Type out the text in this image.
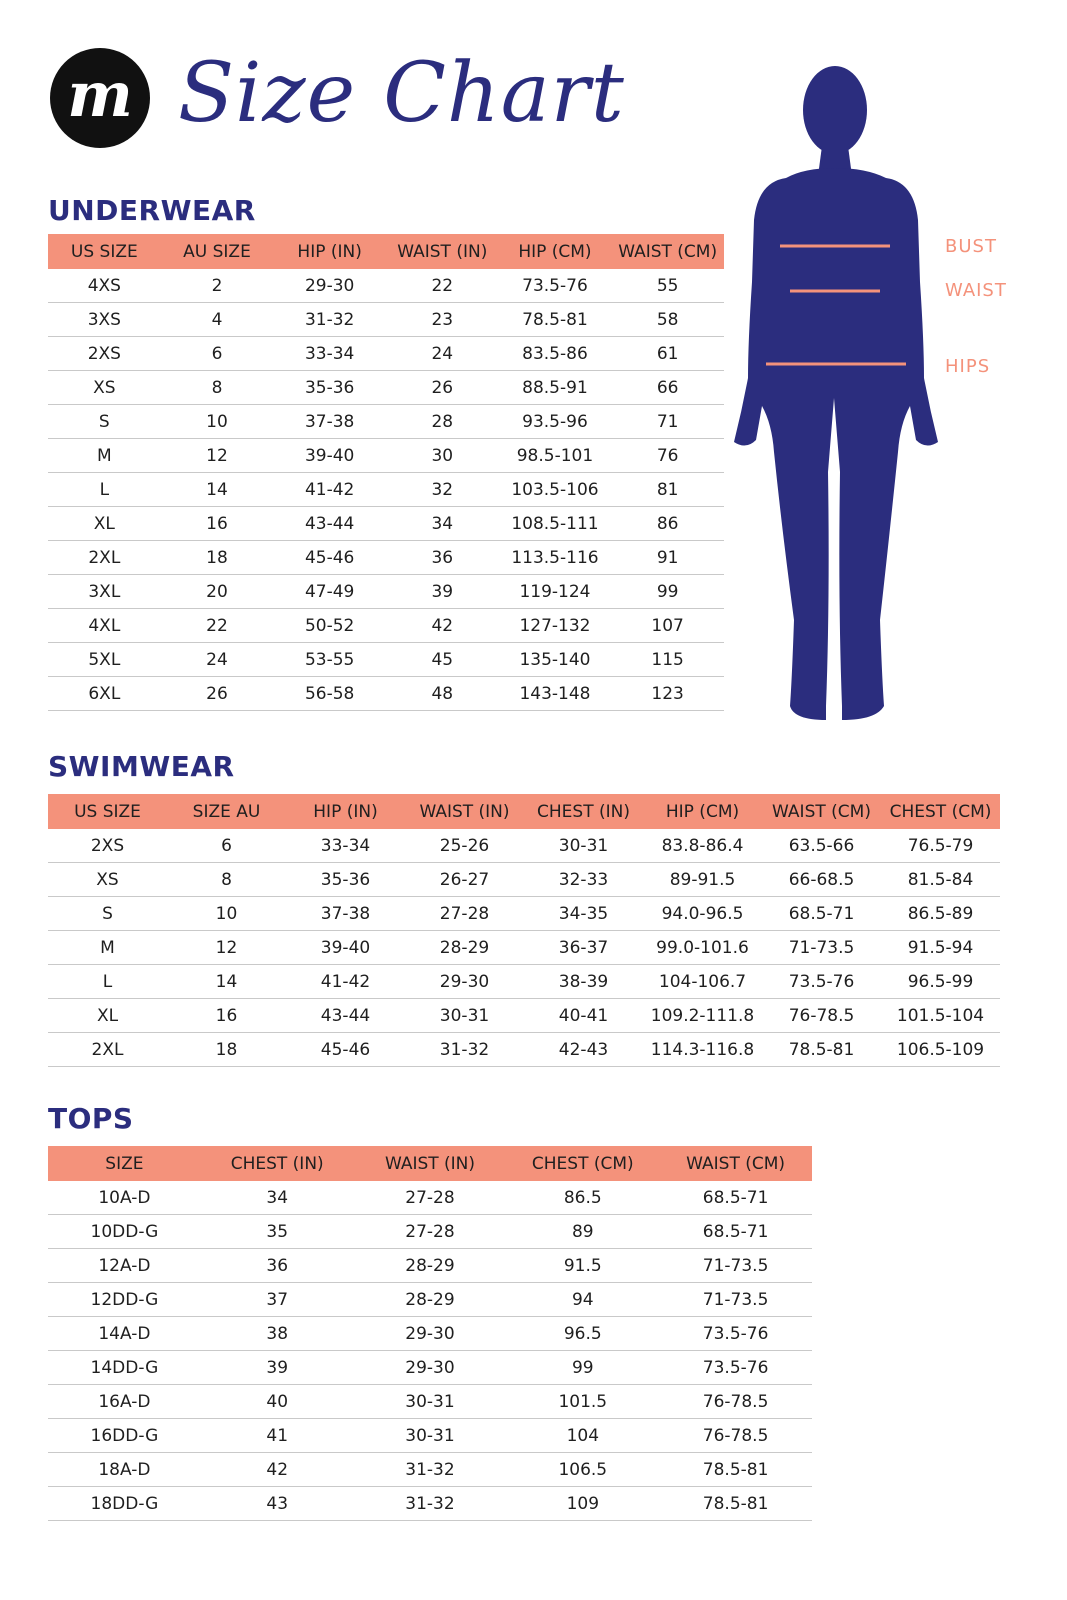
m Size Chart

BUST

WAIST

HIPS

UNDERWEAR
US SIZE	AU SIZE	HIP (IN)	WAIST (IN)	HIP (CM)	WAIST (CM)
4XS	2	29-30	22	73.5-76	55
3XS	4	31-32	23	78.5-81	58
2XS	6	33-34	24	83.5-86	61
XS	8	35-36	26	88.5-91	66
S	10	37-38	28	93.5-96	71
M	12	39-40	30	98.5-101	76
L	14	41-42	32	103.5-106	81
XL	16	43-44	34	108.5-111	86
2XL	18	45-46	36	113.5-116	91
3XL	20	47-49	39	119-124	99
4XL	22	50-52	42	127-132	107
5XL	24	53-55	45	135-140	115
6XL	26	56-58	48	143-148	123
SWIMWEAR
US SIZE	SIZE AU	HIP (IN)	WAIST (IN)	CHEST (IN)	HIP (CM)	WAIST (CM)	CHEST (CM)
2XS	6	33-34	25-26	30-31	83.8-86.4	63.5-66	76.5-79
XS	8	35-36	26-27	32-33	89-91.5	66-68.5	81.5-84
S	10	37-38	27-28	34-35	94.0-96.5	68.5-71	86.5-89
M	12	39-40	28-29	36-37	99.0-101.6	71-73.5	91.5-94
L	14	41-42	29-30	38-39	104-106.7	73.5-76	96.5-99
XL	16	43-44	30-31	40-41	109.2-111.8	76-78.5	101.5-104
2XL	18	45-46	31-32	42-43	114.3-116.8	78.5-81	106.5-109
TOPS
SIZE	CHEST (IN)	WAIST (IN)	CHEST (CM)	WAIST (CM)
10A-D	34	27-28	86.5	68.5-71
10DD-G	35	27-28	89	68.5-71
12A-D	36	28-29	91.5	71-73.5
12DD-G	37	28-29	94	71-73.5
14A-D	38	29-30	96.5	73.5-76
14DD-G	39	29-30	99	73.5-76
16A-D	40	30-31	101.5	76-78.5
16DD-G	41	30-31	104	76-78.5
18A-D	42	31-32	106.5	78.5-81
18DD-G	43	31-32	109	78.5-81
